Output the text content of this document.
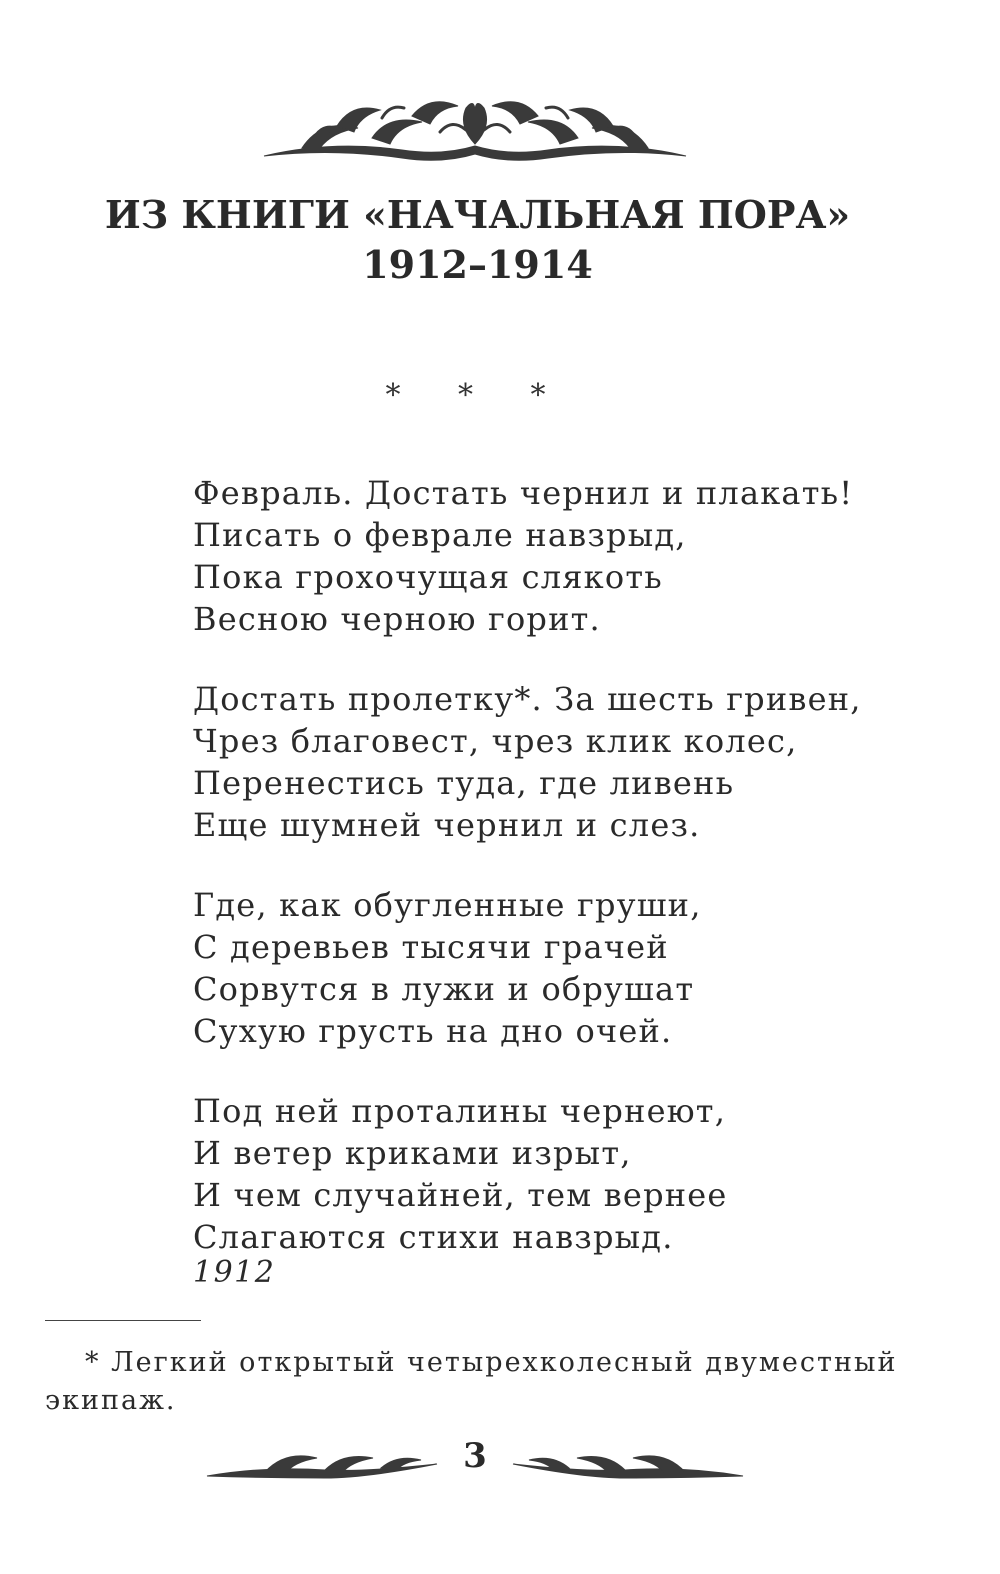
ИЗ КНИГИ «НАЧАЛЬНАЯ ПОРА»
1912–1914
* * *
Февраль. Достать чернил и плакать!
Писать о феврале навзрыд,
Пока грохочущая слякоть
Весною черною горит.
Достать пролетку*. За шесть гривен,
Чрез благовест, чрез клик колес,
Перенестись туда, где ливень
Еще шумней чернил и слез.
Где, как обугленные груши,
С деревьев тысячи грачей
Сорвутся в лужи и обрушат
Сухую грусть на дно очей.
Под ней проталины чернеют,
И ветер криками изрыт,
И чем случайней, тем вернее
Слагаются стихи навзрыд.
1912
* Легкий открытый четырехколесный двуместный экипаж.
3
